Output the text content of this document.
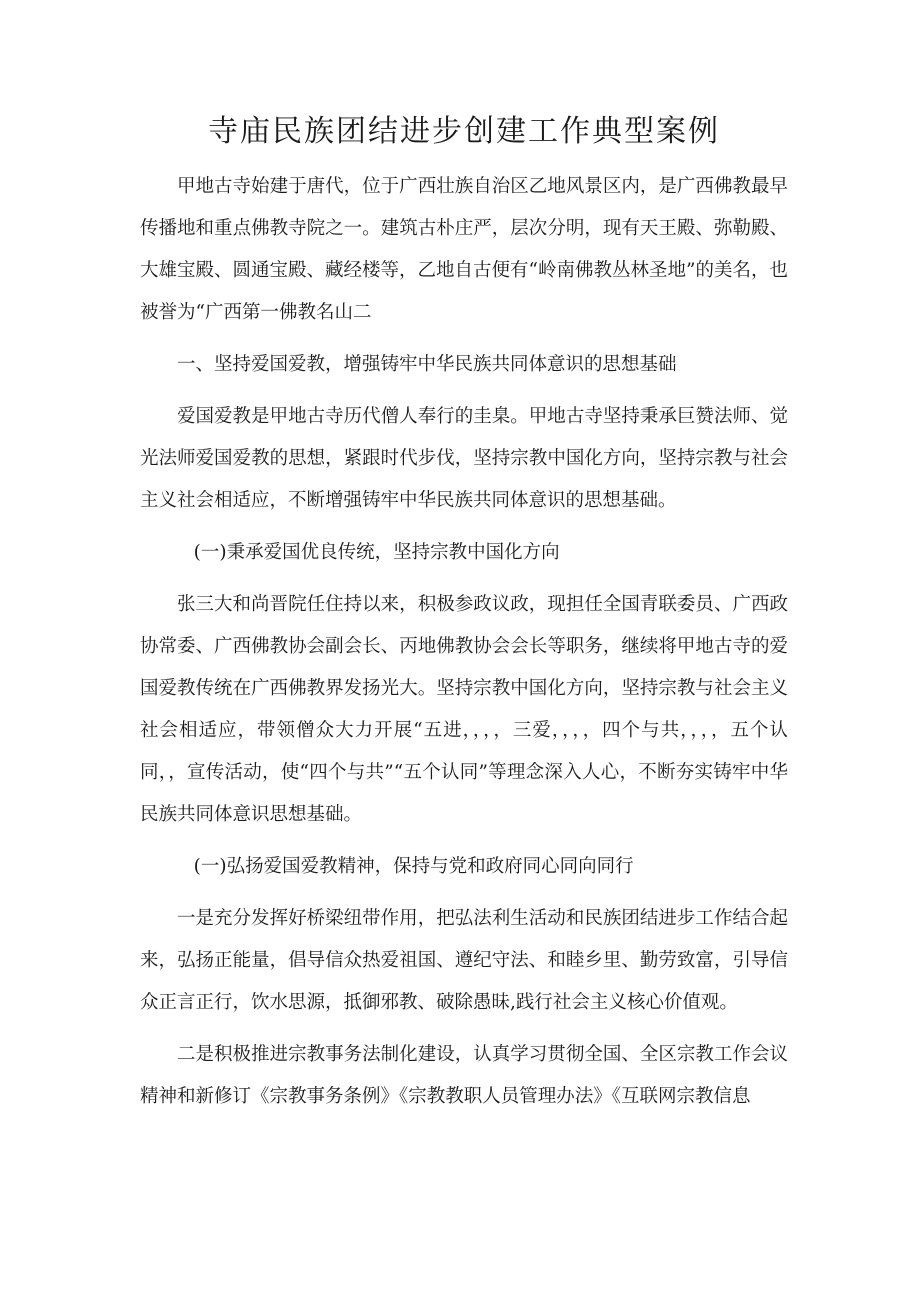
寺庙民族团结进步创建工作典型案例

甲地古寺始建于唐代，位于广西壮族自治区乙地风景区内，是广西佛教最早传播地和重点佛教寺院之一。建筑古朴庄严，层次分明，现有天王殿、弥勒殿、大雄宝殿、圆通宝殿、藏经楼等，乙地自古便有“岭南佛教丛林圣地”的美名，也被誉为“广西第一佛教名山二

一、坚持爱国爱教，增强铸牢中华民族共同体意识的思想基础

爱国爱教是甲地古寺历代僧人奉行的圭臬。甲地古寺坚持秉承巨赞法师、觉光法师爱国爱教的思想，紧跟时代步伐，坚持宗教中国化方向，坚持宗教与社会主义社会相适应，不断增强铸牢中华民族共同体意识的思想基础。

(一)秉承爱国优良传统，坚持宗教中国化方向

张三大和尚晋院任住持以来，积极参政议政，现担任全国青联委员、广西政协常委、广西佛教协会副会长、丙地佛教协会会长等职务，继续将甲地古寺的爱国爱教传统在广西佛教界发扬光大。坚持宗教中国化方向，坚持宗教与社会主义社会相适应，带领僧众大力开展“五进，，，，三爱，，，，四个与共，，，，五个认同，，宣传活动，使“四个与共”“五个认同”等理念深入人心，不断夯实铸牢中华民族共同体意识思想基础。

(一)弘扬爱国爱教精神，保持与党和政府同心同向同行

一是充分发挥好桥梁纽带作用，把弘法利生活动和民族团结进步工作结合起来，弘扬正能量，倡导信众热爱祖国、遵纪守法、和睦乡里、勤劳致富，引导信众正言正行，饮水思源，抵御邪教、破除愚昧,践行社会主义核心价值观。

二是积极推进宗教事务法制化建设，认真学习贯彻全国、全区宗教工作会议精神和新修订《宗教事务条例》《宗教教职人员管理办法》《互联网宗教信息
